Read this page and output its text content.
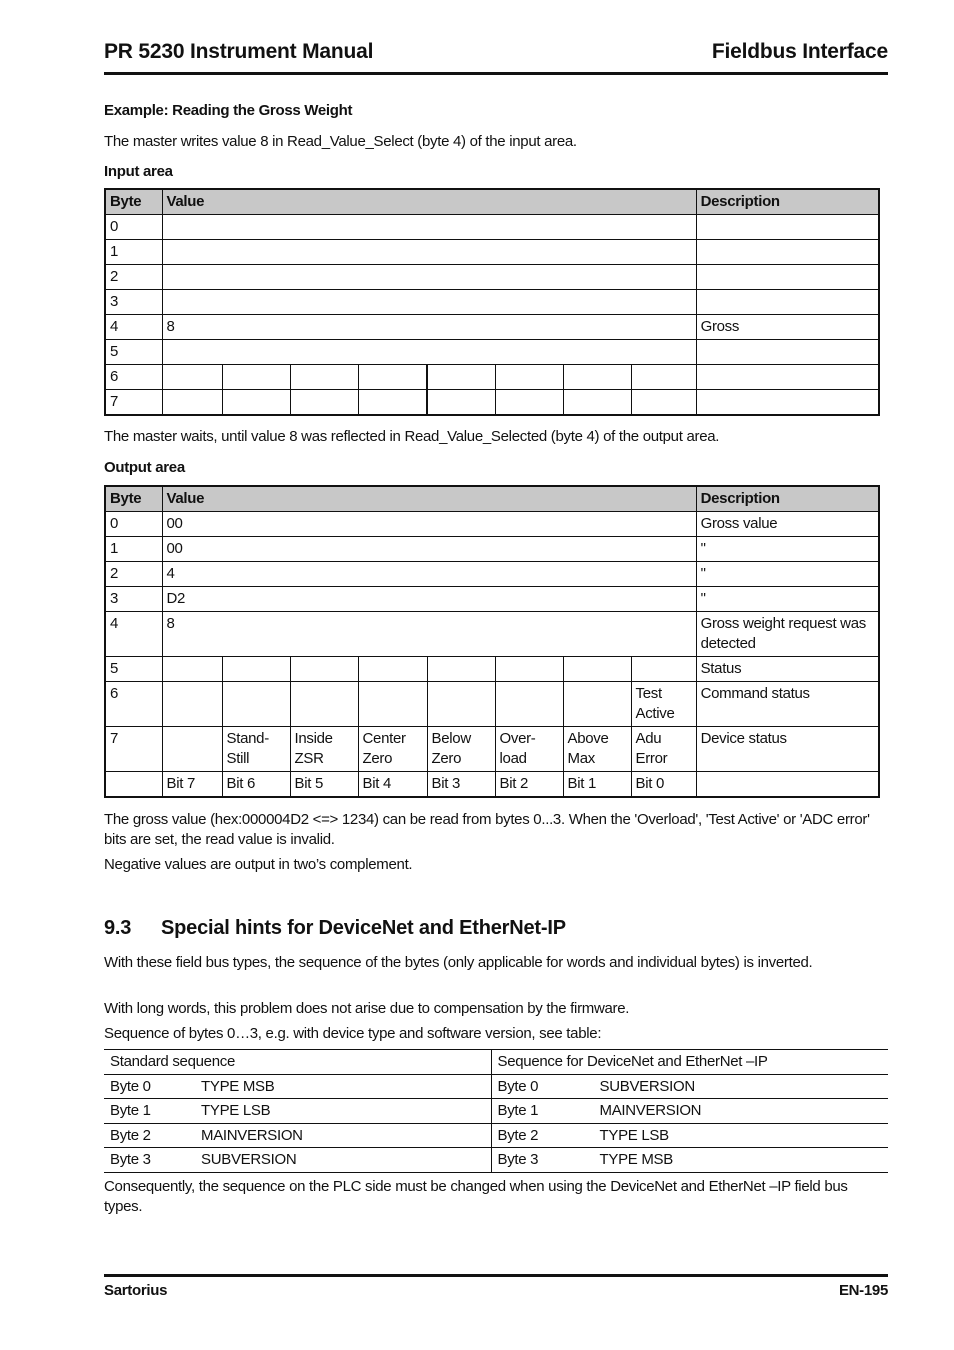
PR 5230 Instrument Manual	Fieldbus Interface

Example: Reading the Gross Weight

The master writes value 8 in Read_Value_Select (byte 4) of the input area.

Input area

Byte	Value								Description
0									
1									
2									
3									
4	8								Gross
5									
6									
7									

The master waits, until value 8 was reflected in Read_Value_Selected (byte 4) of the output area.

Output area

Byte	Value								Description
0	00								Gross value
1	00								"
2	4								"
3	D2								"
4	8								Gross weight request was detected
5									Status
6								Test Active	Command status
7		Stand-Still	Inside ZSR	Center Zero	Below Zero	Over-load	Above Max	Adu Error	Device status
	Bit 7	Bit 6	Bit 5	Bit 4	Bit 3	Bit 2	Bit 1	Bit 0	

The gross value (hex:000004D2 <=> 1234) can be read from bytes 0...3. When the 'Overload', 'Test Active' or 'ADC error' bits are set, the read value is invalid.

Negative values are output in two’s complement.

9.3 Special hints for DeviceNet and EtherNet-IP

With these field bus types, the sequence of the bytes (only applicable for words and individual bytes) is inverted.

With long words, this problem does not arise due to compensation by the firmware.

Sequence of bytes 0…3, e.g. with device type and software version, see table:

Standard sequence	Sequence for DeviceNet and EtherNet –IP
Byte 0 TYPE MSB	Byte 0 SUBVERSION
Byte 1 TYPE LSB	Byte 1 MAINVERSION
Byte 2 MAINVERSION	Byte 2 TYPE LSB
Byte 3 SUBVERSION	Byte 3 TYPE MSB

Consequently, the sequence on the PLC side must be changed when using the DeviceNet and EtherNet –IP field bus types.

Sartorius	EN-195
